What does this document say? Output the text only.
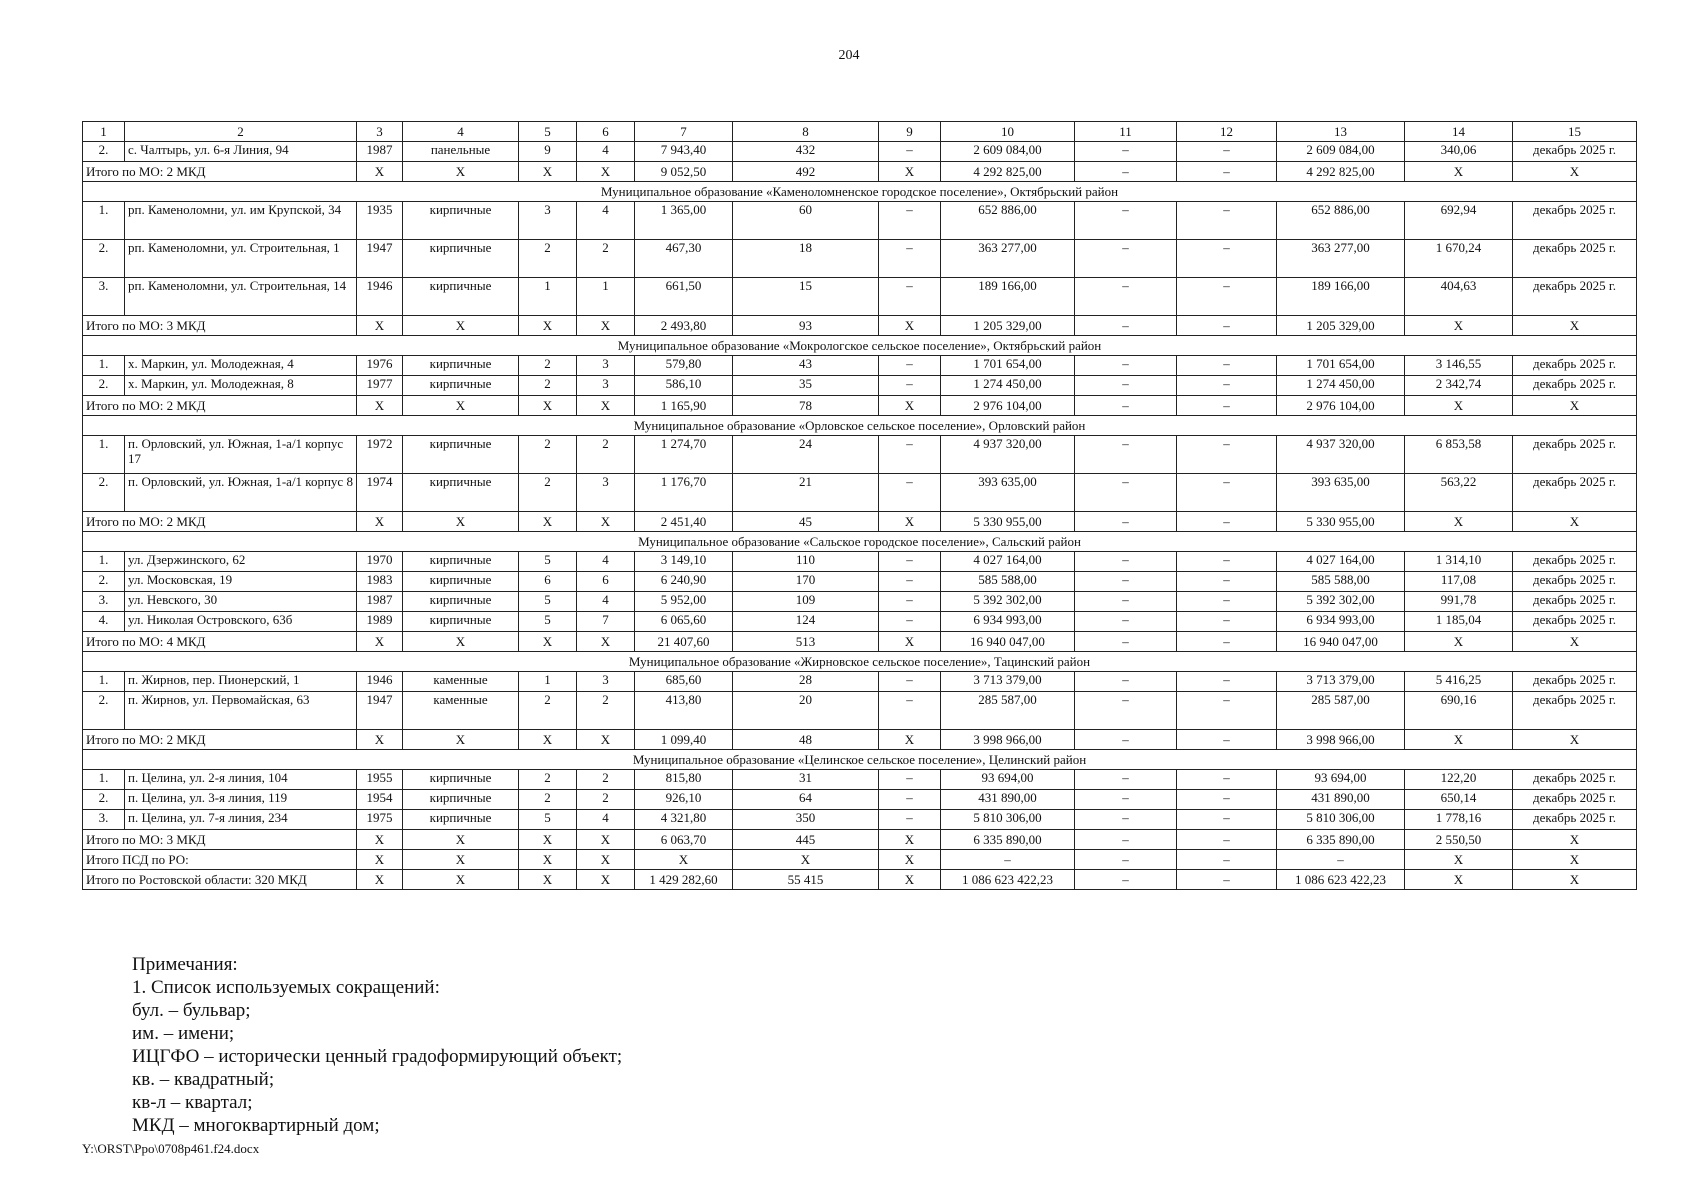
204
1	2	3	4	5	6	7	8	9	10	11	12	13	14	15
2.	с. Чалтырь, ул. 6-я Линия, 94	1987	панельные	9	4	7 943,40	432	–	2 609 084,00	–	–	2 609 084,00	340,06	декабрь 2025 г.
Итого по МО: 2 МКД		X	X	X	X	9 052,50	492	X	4 292 825,00	–	–	4 292 825,00	X	X
Муниципальное образование «Каменоломненское городское поселение», Октябрьский район														
1.	рп. Каменоломни, ул. им Крупской, 34	1935	кирпичные	3	4	1 365,00	60	–	652 886,00	–	–	652 886,00	692,94	декабрь 2025 г.
2.	рп. Каменоломни, ул. Строительная, 1	1947	кирпичные	2	2	467,30	18	–	363 277,00	–	–	363 277,00	1 670,24	декабрь 2025 г.
3.	рп. Каменоломни, ул. Строительная, 14	1946	кирпичные	1	1	661,50	15	–	189 166,00	–	–	189 166,00	404,63	декабрь 2025 г.
Итого по МО: 3 МКД		X	X	X	X	2 493,80	93	X	1 205 329,00	–	–	1 205 329,00	X	X
Муниципальное образование «Мокрологское сельское поселение», Октябрьский район														
1.	х. Маркин, ул. Молодежная, 4	1976	кирпичные	2	3	579,80	43	–	1 701 654,00	–	–	1 701 654,00	3 146,55	декабрь 2025 г.
2.	х. Маркин, ул. Молодежная, 8	1977	кирпичные	2	3	586,10	35	–	1 274 450,00	–	–	1 274 450,00	2 342,74	декабрь 2025 г.
Итого по МО: 2 МКД		X	X	X	X	1 165,90	78	X	2 976 104,00	–	–	2 976 104,00	X	X
Муниципальное образование «Орловское сельское поселение», Орловский район														
1.	п. Орловский, ул. Южная, 1-а/1 корпус 17	1972	кирпичные	2	2	1 274,70	24	–	4 937 320,00	–	–	4 937 320,00	6 853,58	декабрь 2025 г.
2.	п. Орловский, ул. Южная, 1-а/1 корпус 8	1974	кирпичные	2	3	1 176,70	21	–	393 635,00	–	–	393 635,00	563,22	декабрь 2025 г.
Итого по МО: 2 МКД		X	X	X	X	2 451,40	45	X	5 330 955,00	–	–	5 330 955,00	X	X
Муниципальное образование «Сальское городское поселение», Сальский район														
1.	ул. Дзержинского, 62	1970	кирпичные	5	4	3 149,10	110	–	4 027 164,00	–	–	4 027 164,00	1 314,10	декабрь 2025 г.
2.	ул. Московская, 19	1983	кирпичные	6	6	6 240,90	170	–	585 588,00	–	–	585 588,00	117,08	декабрь 2025 г.
3.	ул. Невского, 30	1987	кирпичные	5	4	5 952,00	109	–	5 392 302,00	–	–	5 392 302,00	991,78	декабрь 2025 г.
4.	ул. Николая Островского, 63б	1989	кирпичные	5	7	6 065,60	124	–	6 934 993,00	–	–	6 934 993,00	1 185,04	декабрь 2025 г.
Итого по МО: 4 МКД		X	X	X	X	21 407,60	513	X	16 940 047,00	–	–	16 940 047,00	X	X
Муниципальное образование «Жирновское сельское поселение», Тацинский район														
1.	п. Жирнов, пер. Пионерский, 1	1946	каменные	1	3	685,60	28	–	3 713 379,00	–	–	3 713 379,00	5 416,25	декабрь 2025 г.
2.	п. Жирнов, ул. Первомайская, 63	1947	каменные	2	2	413,80	20	–	285 587,00	–	–	285 587,00	690,16	декабрь 2025 г.
Итого по МО: 2 МКД		X	X	X	X	1 099,40	48	X	3 998 966,00	–	–	3 998 966,00	X	X
Муниципальное образование «Целинское сельское поселение», Целинский район														
1.	п. Целина, ул. 2-я линия, 104	1955	кирпичные	2	2	815,80	31	–	93 694,00	–	–	93 694,00	122,20	декабрь 2025 г.
2.	п. Целина, ул. 3-я линия, 119	1954	кирпичные	2	2	926,10	64	–	431 890,00	–	–	431 890,00	650,14	декабрь 2025 г.
3.	п. Целина, ул. 7-я линия, 234	1975	кирпичные	5	4	4 321,80	350	–	5 810 306,00	–	–	5 810 306,00	1 778,16	декабрь 2025 г.
Итого по МО: 3 МКД		X	X	X	X	6 063,70	445	X	6 335 890,00	–	–	6 335 890,00	2 550,50	X
Итого ПСД по РО:		X	X	X	X	X	X	X	–	–	–	–	X	X
Итого по Ростовской области: 320 МКД		X	X	X	X	1 429 282,60	55 415	X	1 086 623 422,23	–	–	1 086 623 422,23	X	X
Примечания:
1. Список используемых сокращений:
бул. – бульвар;
им. – имени;
ИЦГФО – исторически ценный градоформирующий объект;
кв. – квадратный;
кв-л – квартал;
МКД – многоквартирный дом;
Y:\ORST\Ppo\0708p461.f24.docx
